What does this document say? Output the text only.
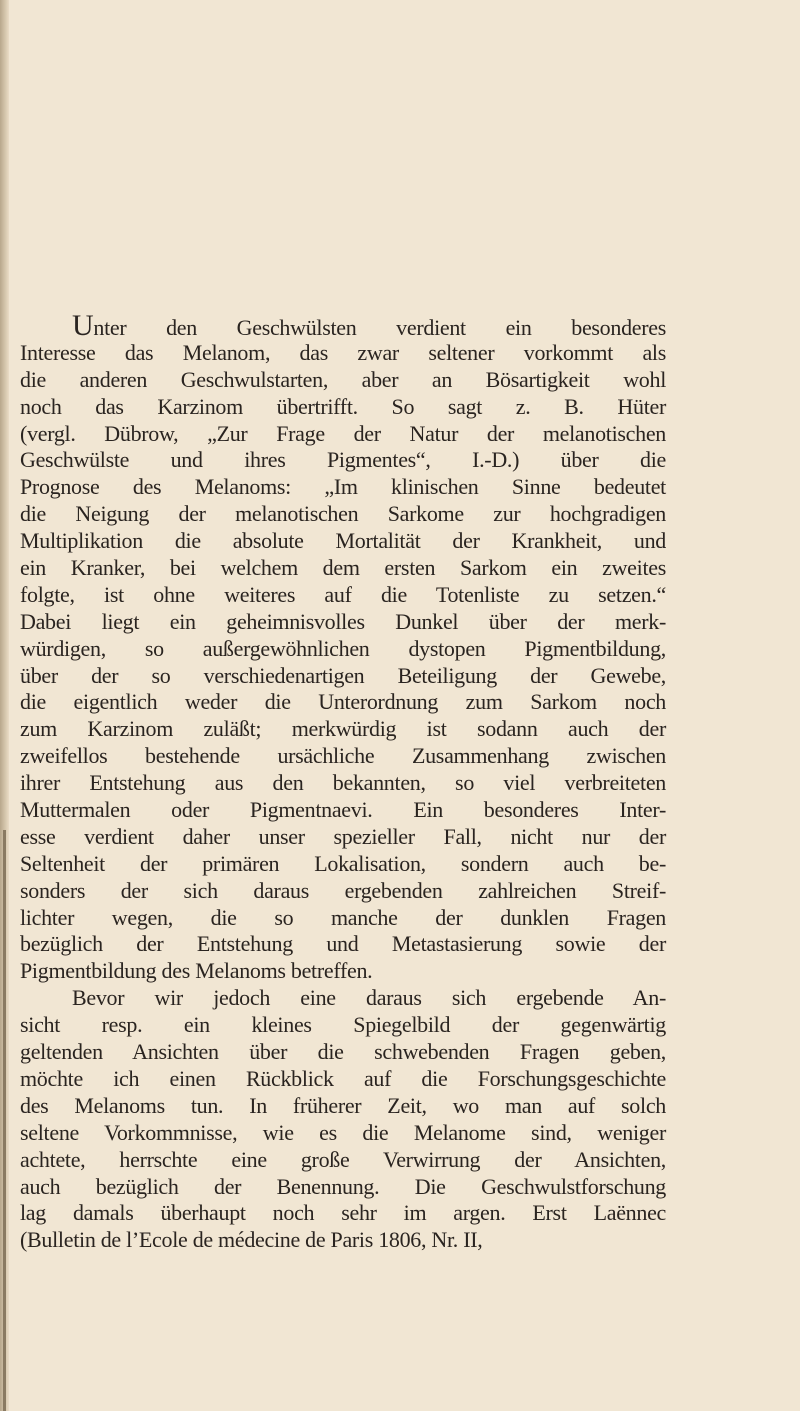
Unter den Geschwülsten verdient ein besonderes
Interesse das Melanom, das zwar seltener vorkommt als
die anderen Geschwulstarten, aber an Bösartigkeit wohl
noch das Karzinom übertrifft. So sagt z. B. Hüter
(vergl. Dübrow, „Zur Frage der Natur der melanotischen
Geschwülste und ihres Pigmentes“, I.-D.) über die
Prognose des Melanoms: „Im klinischen Sinne bedeutet
die Neigung der melanotischen Sarkome zur hochgradigen
Multiplikation die absolute Mortalität der Krankheit, und
ein Kranker, bei welchem dem ersten Sarkom ein zweites
folgte, ist ohne weiteres auf die Totenliste zu setzen.“
Dabei liegt ein geheimnisvolles Dunkel über der merk-
würdigen, so außergewöhnlichen dystopen Pigmentbildung,
über der so verschiedenartigen Beteiligung der Gewebe,
die eigentlich weder die Unterordnung zum Sarkom noch
zum Karzinom zuläßt; merkwürdig ist sodann auch der
zweifellos bestehende ursächliche Zusammenhang zwischen
ihrer Entstehung aus den bekannten, so viel verbreiteten
Muttermalen oder Pigmentnaevi. Ein besonderes Inter-
esse verdient daher unser spezieller Fall, nicht nur der
Seltenheit der primären Lokalisation, sondern auch be-
sonders der sich daraus ergebenden zahlreichen Streif-
lichter wegen, die so manche der dunklen Fragen
bezüglich der Entstehung und Metastasierung sowie der
Pigmentbildung des Melanoms betreffen.
Bevor wir jedoch eine daraus sich ergebende An-
sicht resp. ein kleines Spiegelbild der gegenwärtig
geltenden Ansichten über die schwebenden Fragen geben,
möchte ich einen Rückblick auf die Forschungsgeschichte
des Melanoms tun. In früherer Zeit, wo man auf solch
seltene Vorkommnisse, wie es die Melanome sind, weniger
achtete, herrschte eine große Verwirrung der Ansichten,
auch bezüglich der Benennung. Die Geschwulstforschung
lag damals überhaupt noch sehr im argen. Erst Laënnec
(Bulletin de l’Ecole de médecine de Paris 1806, Nr. II,
